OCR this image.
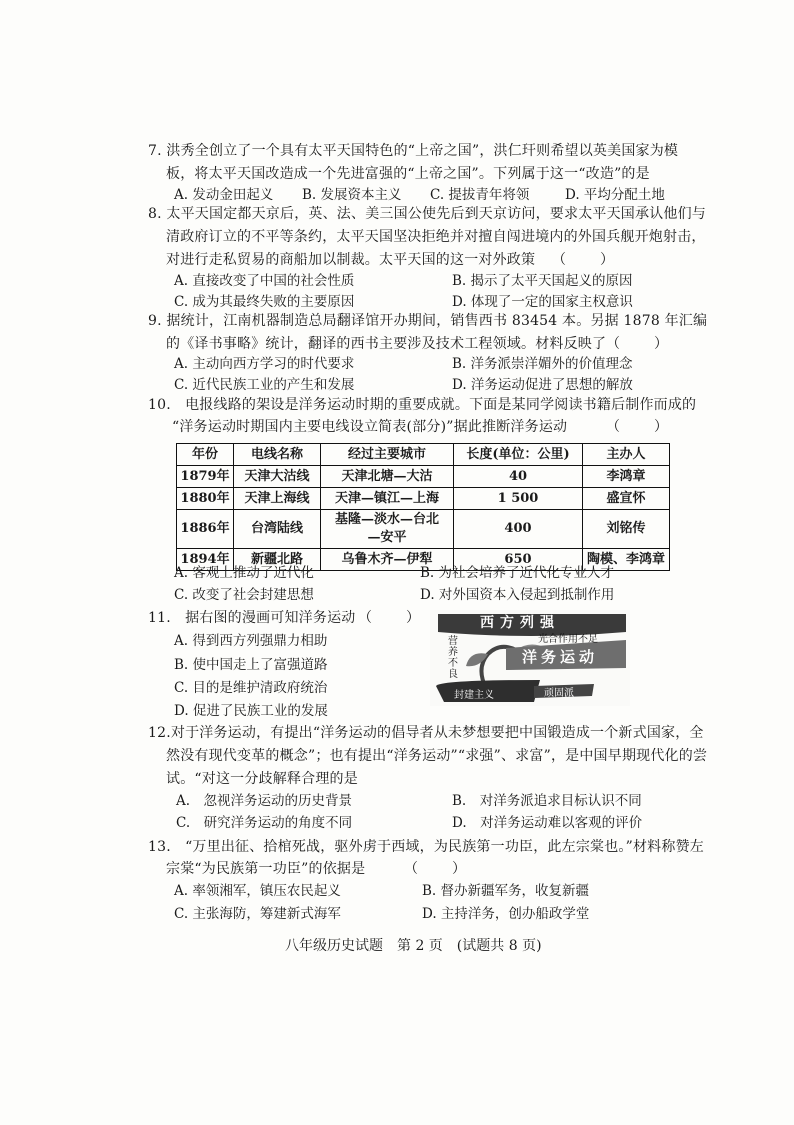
7. 洪秀全创立了一个具有太平天国特色的“上帝之国”，洪仁玕则希望以英美国家为模
板，将太平天国改造成一个先进富强的“上帝之国”。下列属于这一“改造”的是
A. 发动金田起义 B. 发展资本主义 C. 提拔青年将领	D. 平均分配土地
8. 太平天国定都天京后，英、法、美三国公使先后到天京访问，要求太平天国承认他们与
清政府订立的不平等条约，太平天国坚决拒绝并对擅自闯进境内的外国兵舰开炮射击，
对进行走私贸易的商船加以制裁。太平天国的这一对外政策 （　　）
A. 直接改变了中国的社会性质	B. 揭示了太平天国起义的原因
C. 成为其最终失败的主要原因	D. 体现了一定的国家主权意识
9. 据统计，江南机器制造总局翻译馆开办期间，销售西书 83454 本。另据 1878 年汇编
的《译书事略》统计，翻译的西书主要涉及技术工程领域。材料反映了 （　　）
A. 主动向西方学习的时代要求	B. 洋务派崇洋媚外的价值理念
C. 近代民族工业的产生和发展	D. 洋务运动促进了思想的解放
10.　电报线路的架设是洋务运动时期的重要成就。下面是某同学阅读书籍后制作而成的
“洋务运动时期国内主要电线设立简表(部分)”据此推断洋务运动	（　　）
年份	电线名称	经过主要城市	长度(单位：公里)	主办人
1879年	天津大沽线	天津北塘—大沽	40	李鸿章
1880年	天津上海线	天津—镇江—上海	1 500	盛宣怀
1886年	台湾陆线	基隆—淡水—台北—安平	400	刘铭传
1894年	新疆北路	乌鲁木齐—伊犁	650	陶模、李鸿章
A. 客观上推动了近代化	B. 为社会培养了近代化专业人才
C. 改变了社会封建思想	D. 对外国资本入侵起到抵制作用
11.　据右图的漫画可知洋务运动 （　　）
A. 得到西方列强鼎力相助
B. 使中国走上了富强道路
C. 目的是维护清政府统治
D. 促进了民族工业的发展
西方列强
光合作用不足
营养不良
洋务运动
封建主义	顽固派
12.对于洋务运动，有提出“洋务运动的倡导者从未梦想要把中国锻造成一个新式国家，全
然没有现代变革的概念”；也有提出“洋务运动”“求强”、求富”，是中国早期现代化的尝
试。“对这一分歧解释合理的是
A.　忽视洋务运动的历史背景	B.　对洋务派追求目标认识不同
C.　研究洋务运动的角度不同	D.　对洋务运动难以客观的评价
13.　“万里出征、拾棺死战，驱外虏于西域，为民族第一功臣，此左宗棠也。”材料称赞左
宗棠“为民族第一功臣”的依据是	（　　）
A. 率领湘军，镇压农民起义	B. 督办新疆军务，收复新疆
C. 主张海防，筹建新式海军	D. 主持洋务，创办船政学堂
八年级历史试题　第 2 页　(试题共 8 页)
